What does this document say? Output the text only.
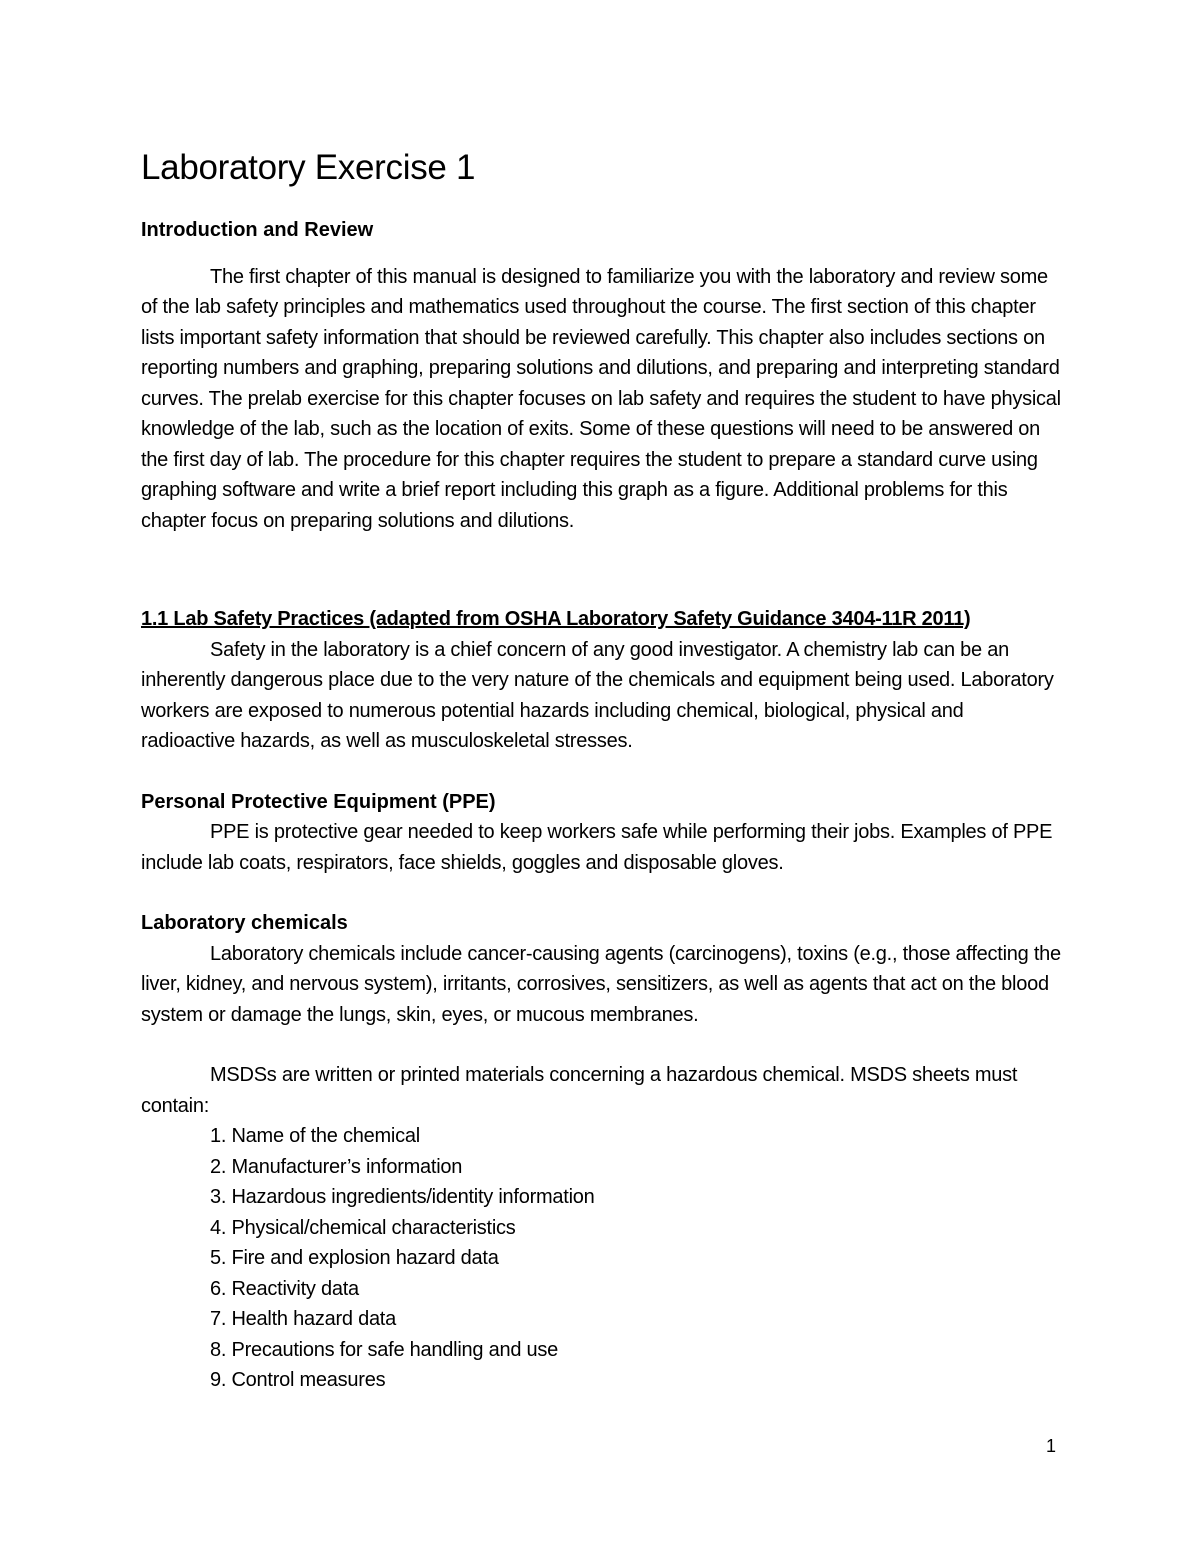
Laboratory Exercise 1

Introduction and Review

The first chapter of this manual is designed to familiarize you with the laboratory and review some of the lab safety principles and mathematics used throughout the course. The first section of this chapter lists important safety information that should be reviewed carefully. This chapter also includes sections on reporting numbers and graphing, preparing solutions and dilutions, and preparing and interpreting standard curves. The prelab exercise for this chapter focuses on lab safety and requires the student to have physical knowledge of the lab, such as the location of exits. Some of these questions will need to be answered on the first day of lab. The procedure for this chapter requires the student to prepare a standard curve using graphing software and write a brief report including this graph as a figure. Additional problems for this chapter focus on preparing solutions and dilutions.

1.1 Lab Safety Practices (adapted from OSHA Laboratory Safety Guidance 3404-11R 2011)

Safety in the laboratory is a chief concern of any good investigator. A chemistry lab can be an inherently dangerous place due to the very nature of the chemicals and equipment being used. Laboratory workers are exposed to numerous potential hazards including chemical, biological, physical and radioactive hazards, as well as musculoskeletal stresses.

Personal Protective Equipment (PPE)

PPE is protective gear needed to keep workers safe while performing their jobs. Examples of PPE include lab coats, respirators, face shields, goggles and disposable gloves.

Laboratory chemicals

Laboratory chemicals include cancer-causing agents (carcinogens), toxins (e.g., those affecting the liver, kidney, and nervous system), irritants, corrosives, sensitizers, as well as agents that act on the blood system or damage the lungs, skin, eyes, or mucous membranes.

MSDSs are written or printed materials concerning a hazardous chemical. MSDS sheets must contain:

1. Name of the chemical
2. Manufacturer’s information
3. Hazardous ingredients/identity information
4. Physical/chemical characteristics
5. Fire and explosion hazard data
6. Reactivity data
7. Health hazard data
8. Precautions for safe handling and use
9. Control measures
1
